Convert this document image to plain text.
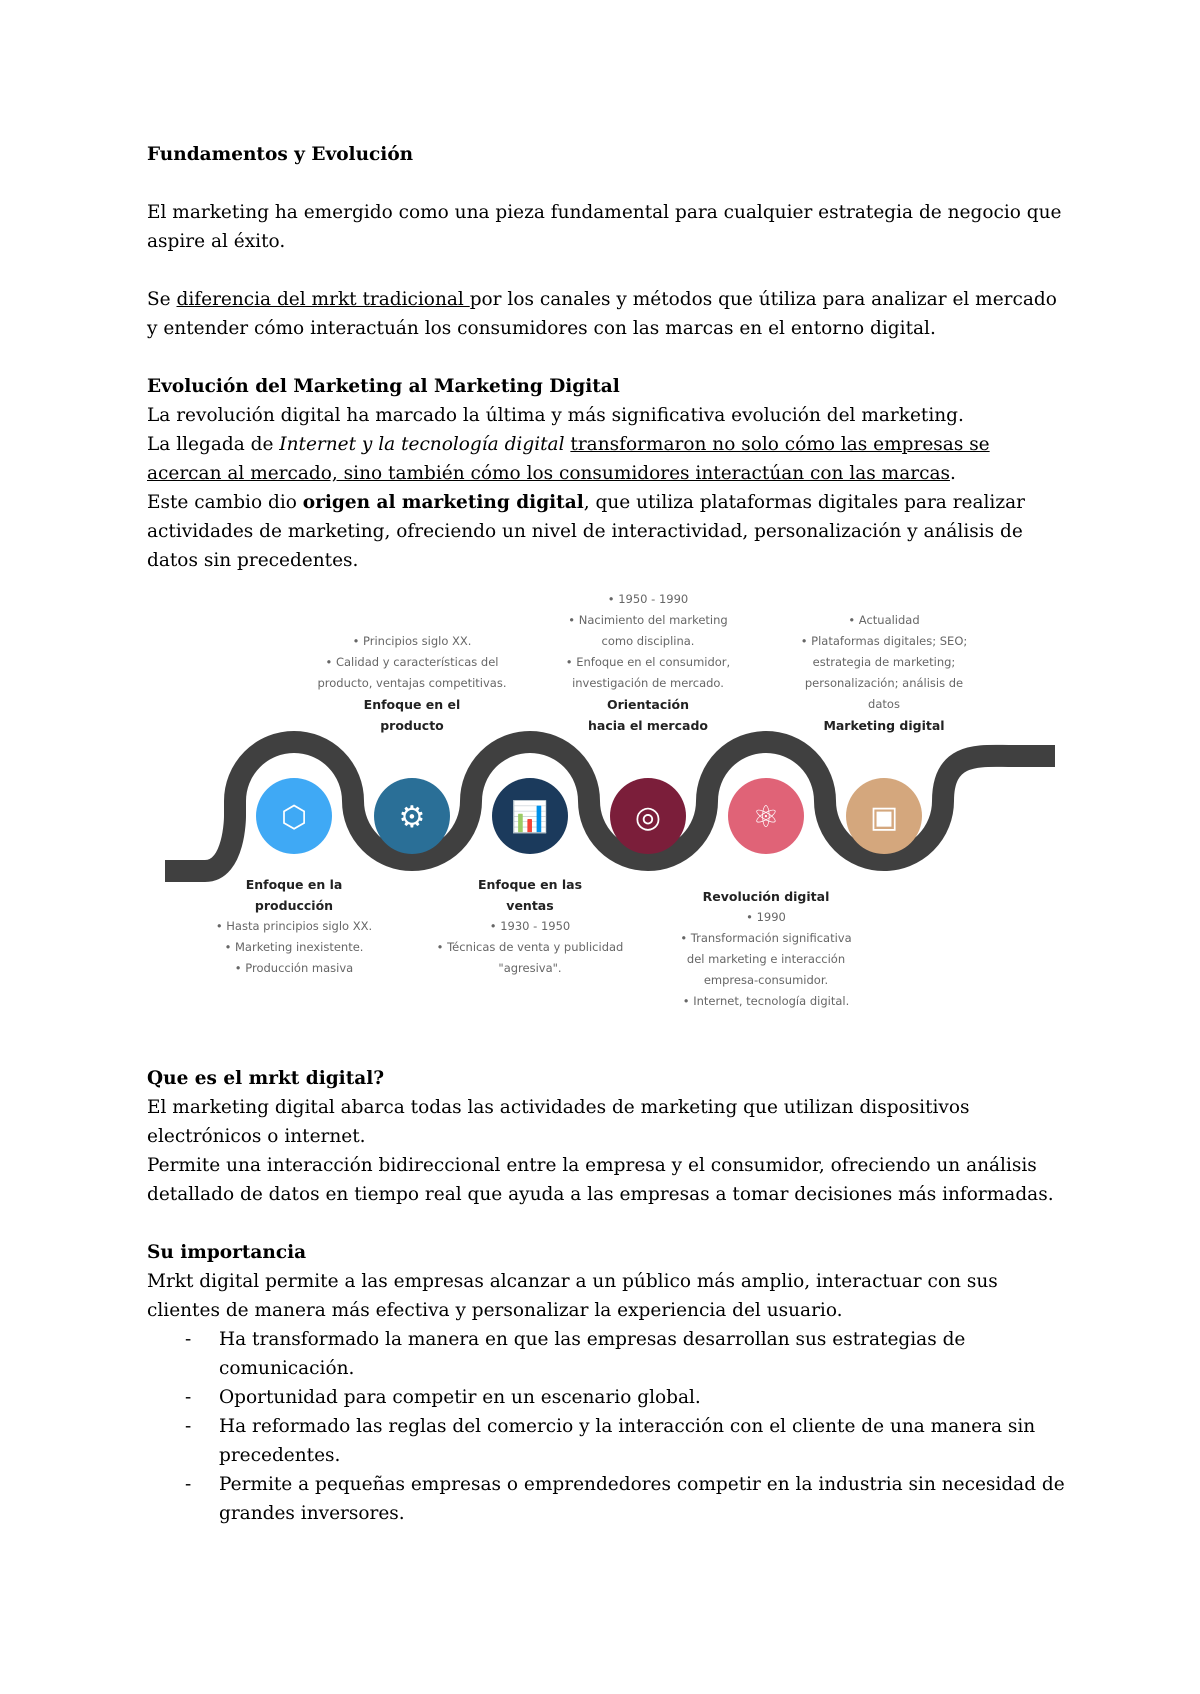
Fundamentos y Evolución

El marketing ha emergido como una pieza fundamental para cualquier estrategia de negocio que aspire al éxito.

Se diferencia del mrkt tradicional por los canales y métodos que útiliza para analizar el mercado y entender cómo interactuán los consumidores con las marcas en el entorno digital.

Evolución del Marketing al Marketing Digital

La revolución digital ha marcado la última y más significativa evolución del marketing.

La llegada de Internet y la tecnología digital transformaron no solo cómo las empresas se acercan al mercado, sino también cómo los consumidores interactúan con las marcas.

Este cambio dio origen al marketing digital, que utiliza plataformas digitales para realizar actividades de marketing, ofreciendo un nivel de interactividad, personalización y análisis de datos sin precedentes.

⬡	⚙	📊	◎	⚛	▣
Enfoque en la producción
• Hasta principios siglo XX.
• Marketing inexistente.
• Producción masiva
• Principios siglo XX.
• Calidad y características del producto, ventajas competitivas.
Enfoque en el producto
Enfoque en las ventas
• 1930 - 1950
• Técnicas de venta y publicidad "agresiva".
• 1950 - 1990
• Nacimiento del marketing como disciplina.
• Enfoque en el consumidor, investigación de mercado.
Orientación hacia el mercado
Revolución digital
• 1990
• Transformación significativa del marketing e interacción empresa-consumidor.
• Internet, tecnología digital.
• Actualidad
• Plataformas digitales; SEO; estrategia de marketing; personalización; análisis de datos
Marketing digital

Que es el mrkt digital?

El marketing digital abarca todas las actividades de marketing que utilizan dispositivos electrónicos o internet.

Permite una interacción bidireccional entre la empresa y el consumidor, ofreciendo un análisis detallado de datos en tiempo real que ayuda a las empresas a tomar decisiones más informadas.

Su importancia

Mrkt digital permite a las empresas alcanzar a un público más amplio, interactuar con sus clientes de manera más efectiva y personalizar la experiencia del usuario.

- Ha transformado la manera en que las empresas desarrollan sus estrategias de comunicación.
- Oportunidad para competir en un escenario global.
- Ha reformado las reglas del comercio y la interacción con el cliente de una manera sin precedentes.
- Permite a pequeñas empresas o emprendedores competir en la industria sin necesidad de grandes inversores.
